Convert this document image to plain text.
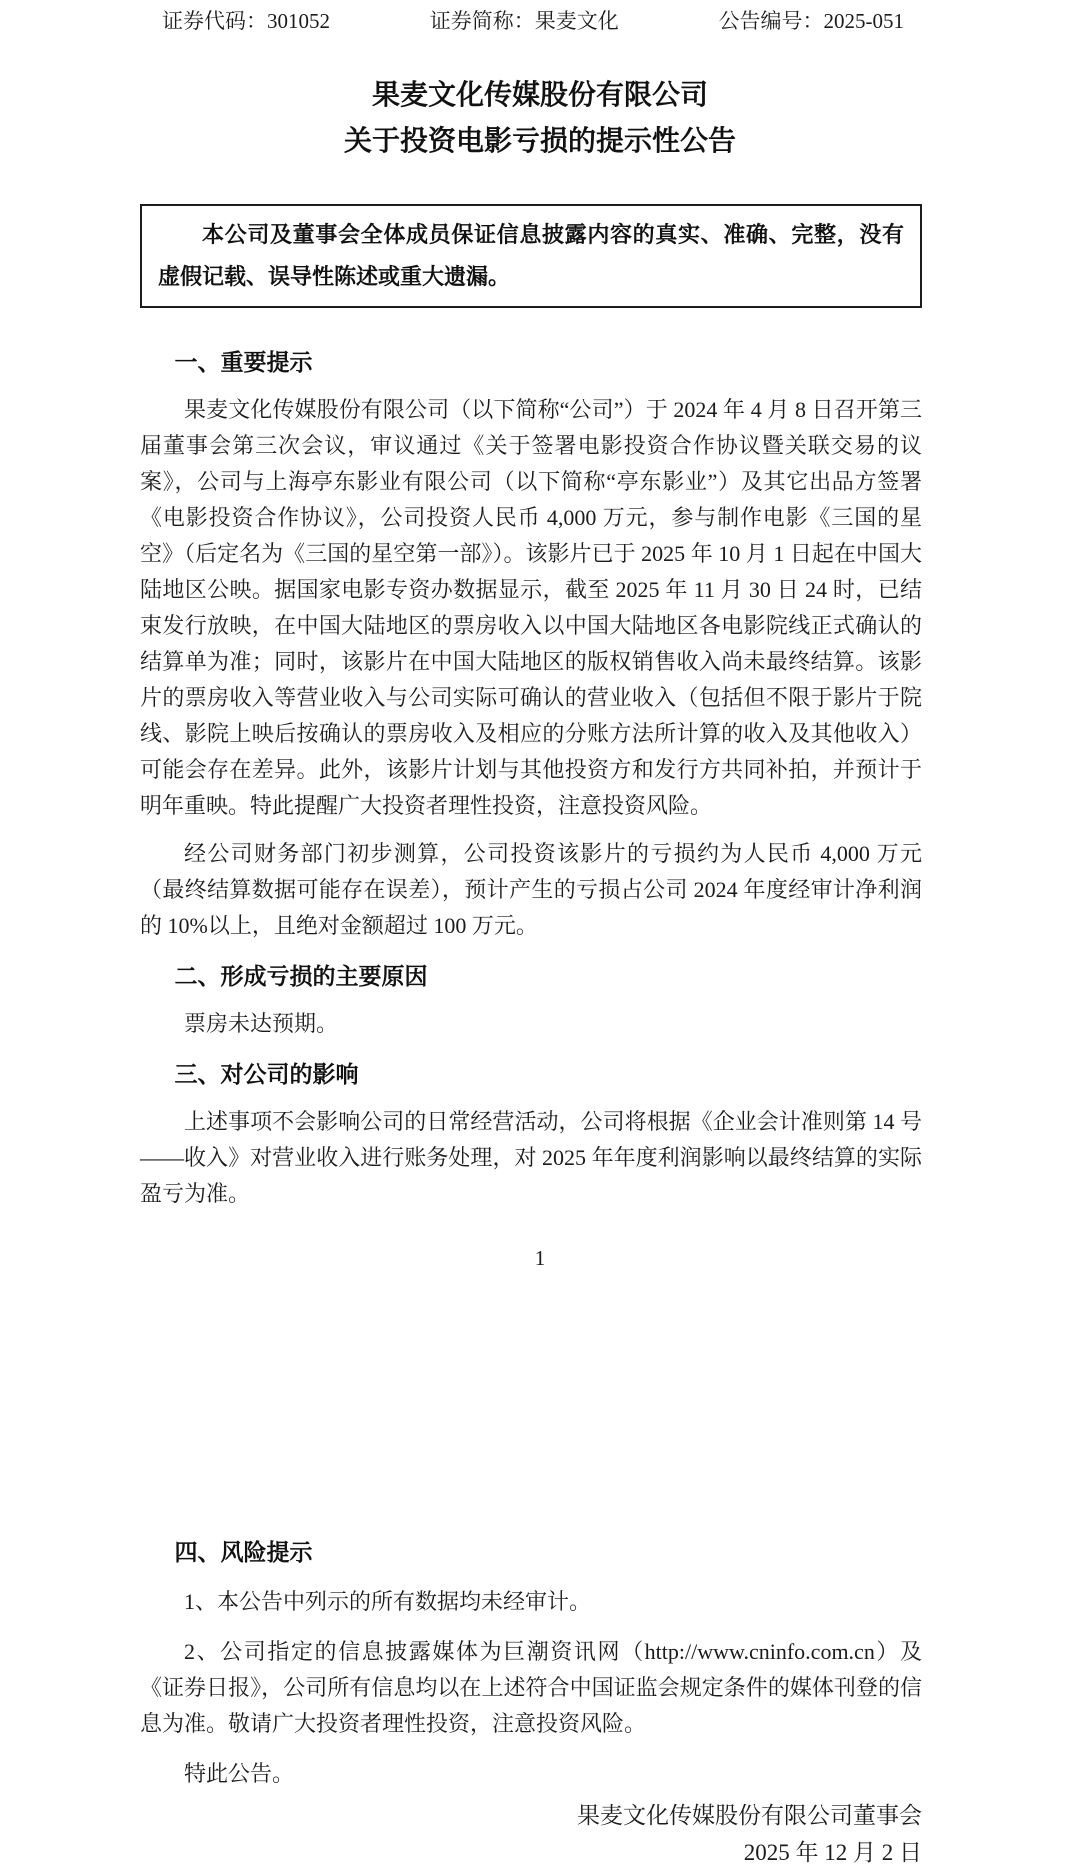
证券代码：301052	证券简称：果麦文化	公告编号：2025-051
果麦文化传媒股份有限公司
关于投资电影亏损的提示性公告

本公司及董事会全体成员保证信息披露内容的真实、准确、完整，没有虚假记载、误导性陈述或重大遗漏。

一、重要提示

果麦文化传媒股份有限公司（以下简称“公司”）于 2024 年 4 月 8 日召开第三届董事会第三次会议，审议通过《关于签署电影投资合作协议暨关联交易的议案》，公司与上海亭东影业有限公司（以下简称“亭东影业”）及其它出品方签署《电影投资合作协议》，公司投资人民币 4,000 万元，参与制作电影《三国的星空》（后定名为《三国的星空第一部》）。该影片已于 2025 年 10 月 1 日起在中国大陆地区公映。据国家电影专资办数据显示，截至 2025 年 11 月 30 日 24 时，已结束发行放映，在中国大陆地区的票房收入以中国大陆地区各电影院线正式确认的结算单为准；同时，该影片在中国大陆地区的版权销售收入尚未最终结算。该影片的票房收入等营业收入与公司实际可确认的营业收入（包括但不限于影片于院线、影院上映后按确认的票房收入及相应的分账方法所计算的收入及其他收入）可能会存在差异。此外，该影片计划与其他投资方和发行方共同补拍，并预计于明年重映。特此提醒广大投资者理性投资，注意投资风险。

经公司财务部门初步测算，公司投资该影片的亏损约为人民币 4,000 万元（最终结算数据可能存在误差），预计产生的亏损占公司 2024 年度经审计净利润的 10%以上，且绝对金额超过 100 万元。

二、形成亏损的主要原因

票房未达预期。

三、对公司的影响

上述事项不会影响公司的日常经营活动，公司将根据《企业会计准则第 14 号——收入》对营业收入进行账务处理，对 2025 年年度利润影响以最终结算的实际盈亏为准。

1
四、风险提示

1、本公告中列示的所有数据均未经审计。

2、公司指定的信息披露媒体为巨潮资讯网（http://www.cninfo.com.cn）及《证券日报》，公司所有信息均以在上述符合中国证监会规定条件的媒体刊登的信息为准。敬请广大投资者理性投资，注意投资风险。

特此公告。

果麦文化传媒股份有限公司董事会
2025 年 12 月 2 日
